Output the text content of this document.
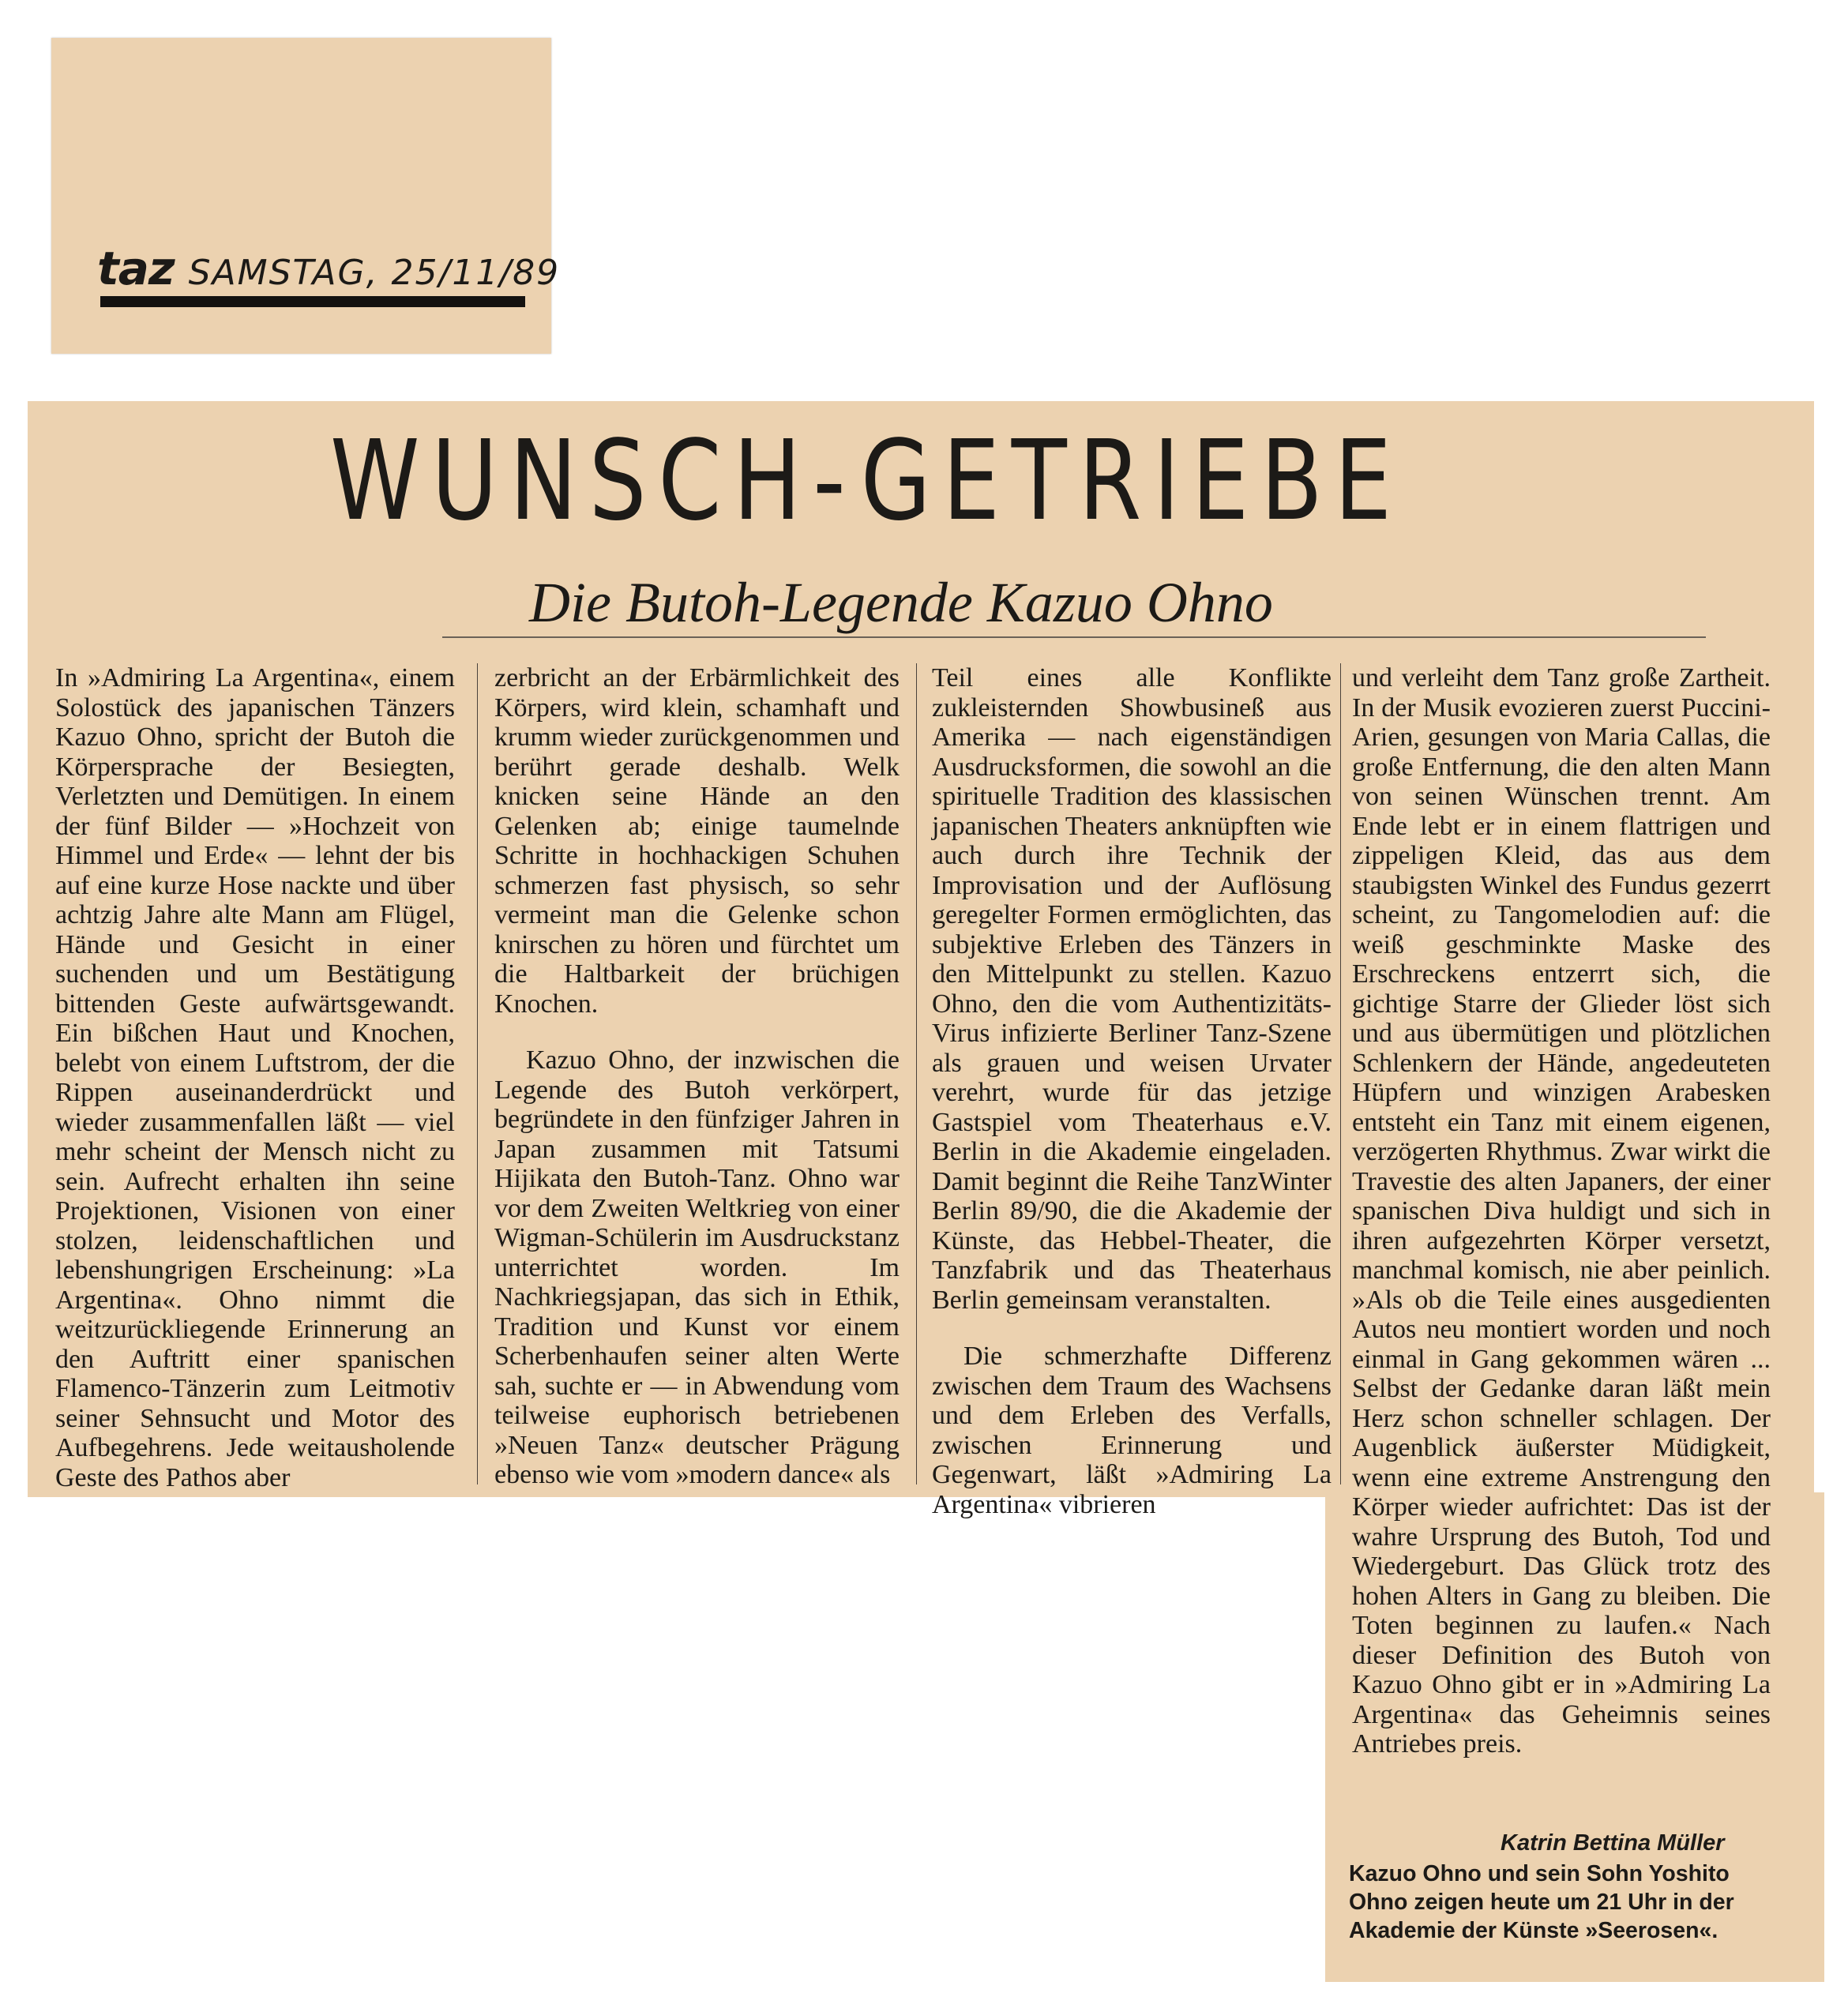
taz SAMSTAG, 25/11/89
WUNSCH-GETRIEBE
Die Butoh-Legende Kazuo Ohno

In »Admiring La Argentina«, einem Solostück des japanischen Tänzers Kazuo Ohno, spricht der Butoh die Körpersprache der Besiegten, Verletzten und Demütigen. In einem der fünf Bilder — »Hochzeit von Himmel und Erde« — lehnt der bis auf eine kurze Hose nackte und über achtzig Jahre alte Mann am Flügel, Hände und Gesicht in einer suchenden und um Bestätigung bittenden Geste aufwärtsgewandt. Ein bißchen Haut und Knochen, belebt von einem Luftstrom, der die Rippen auseinanderdrückt und wieder zusammenfallen läßt — viel mehr scheint der Mensch nicht zu sein. Aufrecht erhalten ihn seine Projektionen, Visionen von einer stolzen, leidenschaftlichen und lebenshungrigen Erscheinung: »La Argentina«. Ohno nimmt die weitzurückliegende Erinnerung an den Auftritt einer spanischen Flamenco-Tänzerin zum Leitmotiv seiner Sehnsucht und Motor des Aufbegehrens. Jede weitausholende Geste des Pathos aber

zerbricht an der Erbärmlichkeit des Körpers, wird klein, schamhaft und krumm wieder zurückgenommen und berührt gerade deshalb. Welk knicken seine Hände an den Gelenken ab; einige taumelnde Schritte in hochhackigen Schuhen schmerzen fast physisch, so sehr vermeint man die Gelenke schon knirschen zu hören und fürchtet um die Haltbarkeit der brüchigen Knochen.

Kazuo Ohno, der inzwischen die Legende des Butoh verkörpert, begründete in den fünfziger Jahren in Japan zusammen mit Tatsumi Hijikata den Butoh-Tanz. Ohno war vor dem Zweiten Weltkrieg von einer Wigman-Schülerin im Ausdruckstanz unterrichtet worden. Im Nachkriegsjapan, das sich in Ethik, Tradition und Kunst vor einem Scherbenhaufen seiner alten Werte sah, suchte er — in Abwendung vom teilweise euphorisch betriebenen »Neuen Tanz« deutscher Prägung ebenso wie vom »modern dance« als

Teil eines alle Konflikte zukleisternden Showbusineß aus Amerika — nach eigenständigen Ausdrucksformen, die sowohl an die spirituelle Tradition des klassischen japanischen Theaters anknüpften wie auch durch ihre Technik der Improvisation und der Auflösung geregelter Formen ermöglichten, das subjektive Erleben des Tänzers in den Mittelpunkt zu stellen. Kazuo Ohno, den die vom Authentizitäts-Virus infizierte Berliner Tanz-Szene als grauen und weisen Urvater verehrt, wurde für das jetzige Gastspiel vom Theaterhaus e.V. Berlin in die Akademie eingeladen. Damit beginnt die Reihe TanzWinter Berlin 89/90, die die Akademie der Künste, das Hebbel-Theater, die Tanzfabrik und das Theaterhaus Berlin gemeinsam veranstalten.

Die schmerzhafte Differenz zwischen dem Traum des Wachsens und dem Erleben des Verfalls, zwischen Erinnerung und Gegenwart, läßt »Admiring La Argentina« vibrieren

und verleiht dem Tanz große Zartheit. In der Musik evozieren zuerst Puccini-Arien, gesungen von Maria Callas, die große Entfernung, die den alten Mann von seinen Wünschen trennt. Am Ende lebt er in einem flattrigen und zippeligen Kleid, das aus dem staubigsten Winkel des Fundus gezerrt scheint, zu Tangomelodien auf: die weiß geschminkte Maske des Erschreckens entzerrt sich, die gichtige Starre der Glieder löst sich und aus übermütigen und plötzlichen Schlenkern der Hände, angedeuteten Hüpfern und winzigen Arabesken entsteht ein Tanz mit einem eigenen, verzögerten Rhythmus. Zwar wirkt die Travestie des alten Japaners, der einer spanischen Diva huldigt und sich in ihren aufgezehrten Körper versetzt, manchmal komisch, nie aber peinlich. »Als ob die Teile eines ausgedienten Autos neu montiert worden und noch einmal in Gang gekommen wären ... Selbst der Gedanke daran läßt mein Herz schon schneller schlagen. Der Augenblick äußerster Müdigkeit, wenn eine extreme Anstrengung den Körper wieder aufrichtet: Das ist der wahre Ursprung des Butoh, Tod und Wiedergeburt. Das Glück trotz des hohen Alters in Gang zu bleiben. Die Toten beginnen zu laufen.« Nach dieser Definition des Butoh von Kazuo Ohno gibt er in »Admiring La Argentina« das Geheimnis seines Antriebes preis.

Katrin Bettina Müller
Kazuo Ohno und sein Sohn Yoshito Ohno zeigen heute um 21 Uhr in der Akademie der Künste »Seerosen«.
